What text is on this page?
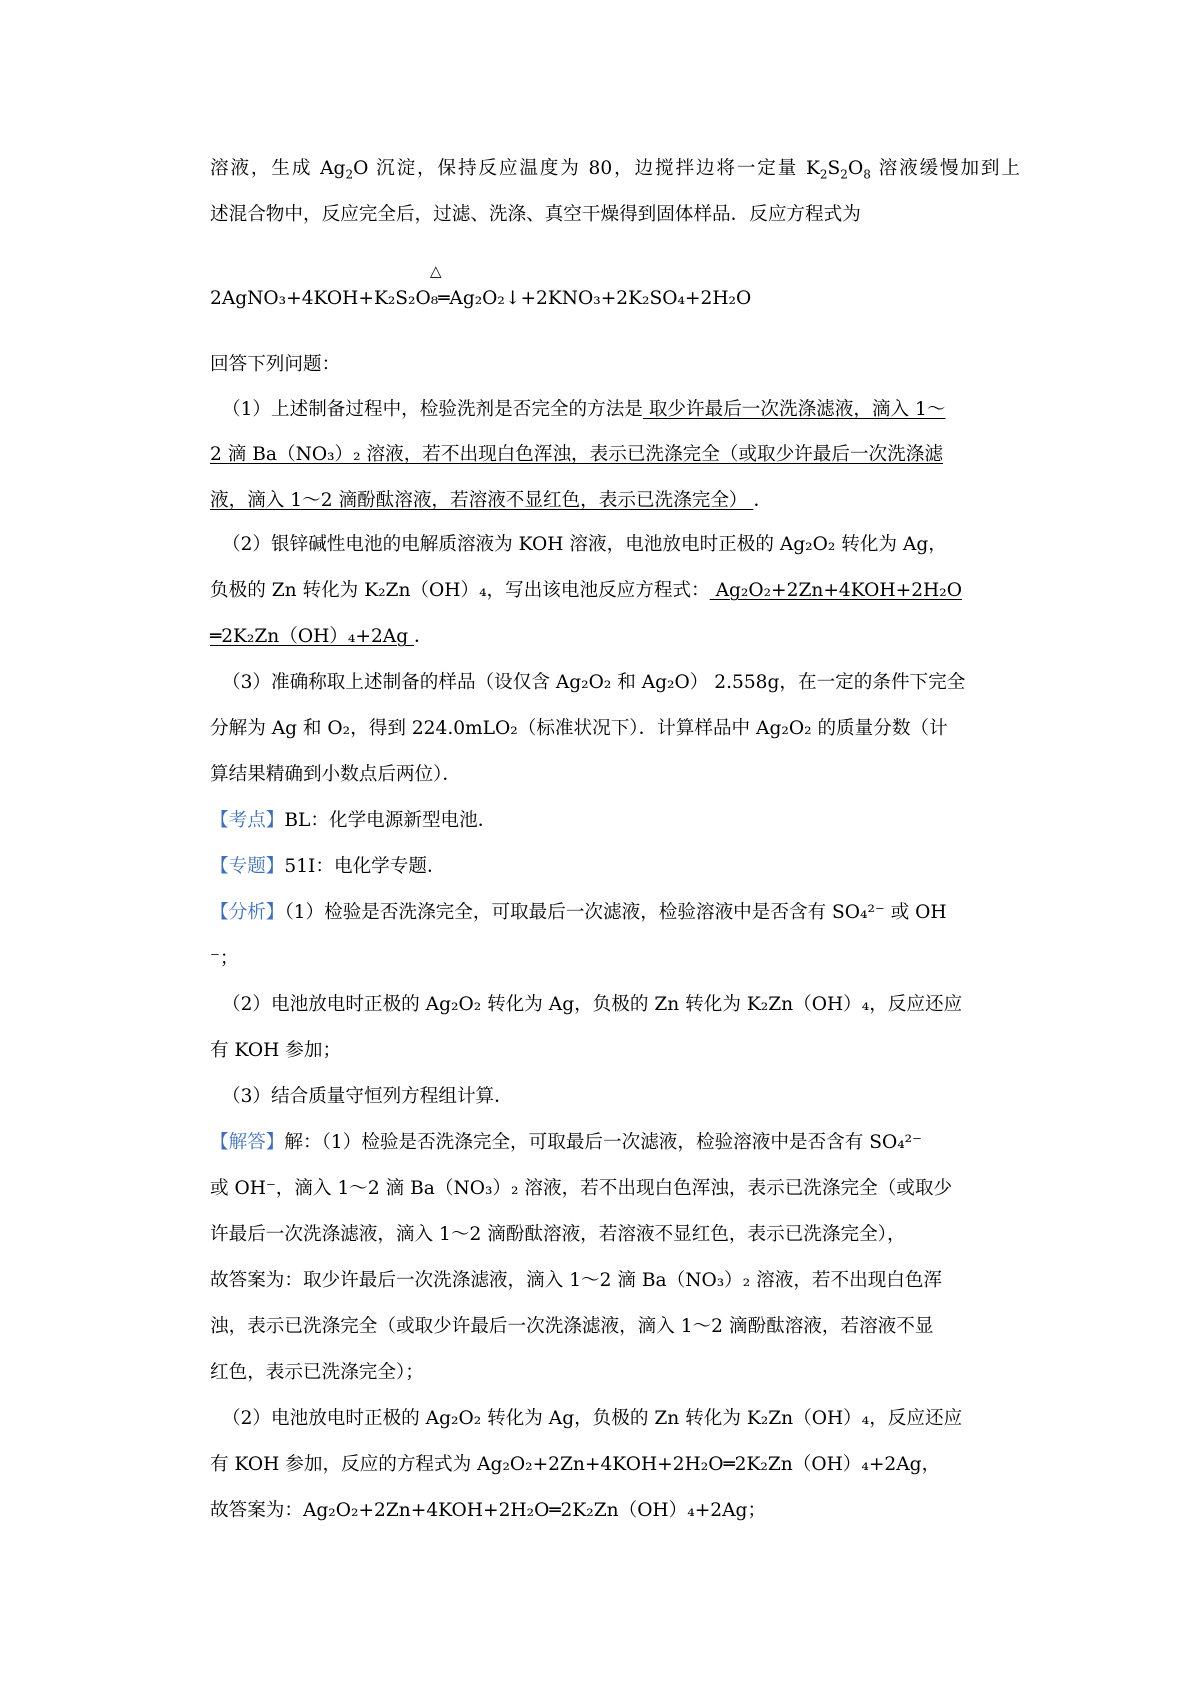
溶液，生成 $Ag_2O$ 沉淀，保持反应温度为 80，边搅拌边将一定量 $K_2S_2O_8$ 溶液缓慢加到上
述混合物中，反应完全后，过滤、洗涤、真空干燥得到固体样品．反应方程式为
△
2AgNO₃+4KOH+K₂S₂O₈═Ag₂O₂↓+2KNO₃+2K₂SO₄+2H₂O
回答下列问题：
（1）上述制备过程中，检验洗剂是否完全的方法是 取少许最后一次洗涤滤液，滴入 1～
2 滴 Ba（NO₃）₂ 溶液，若不出现白色浑浊，表示已洗涤完全（或取少许最后一次洗涤滤
液，滴入 1～2 滴酚酞溶液，若溶液不显红色，表示已洗涤完全） ．
（2）银锌碱性电池的电解质溶液为 KOH 溶液，电池放电时正极的 Ag₂O₂ 转化为 Ag，
负极的 Zn 转化为 K₂Zn（OH）₄，写出该电池反应方程式： Ag₂O₂+2Zn+4KOH+2H₂O
═2K₂Zn（OH）₄+2Ag ．
（3）准确称取上述制备的样品（设仅含 Ag₂O₂ 和 Ag₂O） 2.558g，在一定的条件下完全
分解为 Ag 和 O₂，得到 224.0mLO₂（标准状况下）．计算样品中 Ag₂O₂ 的质量分数（计
算结果精确到小数点后两位）．
【考点】BL：化学电源新型电池．
【专题】51I：电化学专题．
【分析】（1）检验是否洗涤完全，可取最后一次滤液，检验溶液中是否含有 SO₄²⁻ 或 OH
⁻；
（2）电池放电时正极的 Ag₂O₂ 转化为 Ag，负极的 Zn 转化为 K₂Zn（OH）₄，反应还应
有 KOH 参加；
（3）结合质量守恒列方程组计算．
【解答】解：（1）检验是否洗涤完全，可取最后一次滤液，检验溶液中是否含有 SO₄²⁻
或 OH⁻，滴入 1～2 滴 Ba（NO₃）₂ 溶液，若不出现白色浑浊，表示已洗涤完全（或取少
许最后一次洗涤滤液，滴入 1～2 滴酚酞溶液，若溶液不显红色，表示已洗涤完全），
故答案为：取少许最后一次洗涤滤液，滴入 1～2 滴 Ba（NO₃）₂ 溶液，若不出现白色浑
浊，表示已洗涤完全（或取少许最后一次洗涤滤液，滴入 1～2 滴酚酞溶液，若溶液不显
红色，表示已洗涤完全）；
（2）电池放电时正极的 Ag₂O₂ 转化为 Ag，负极的 Zn 转化为 K₂Zn（OH）₄，反应还应
有 KOH 参加，反应的方程式为 Ag₂O₂+2Zn+4KOH+2H₂O═2K₂Zn（OH）₄+2Ag，
故答案为：Ag₂O₂+2Zn+4KOH+2H₂O═2K₂Zn（OH）₄+2Ag；
